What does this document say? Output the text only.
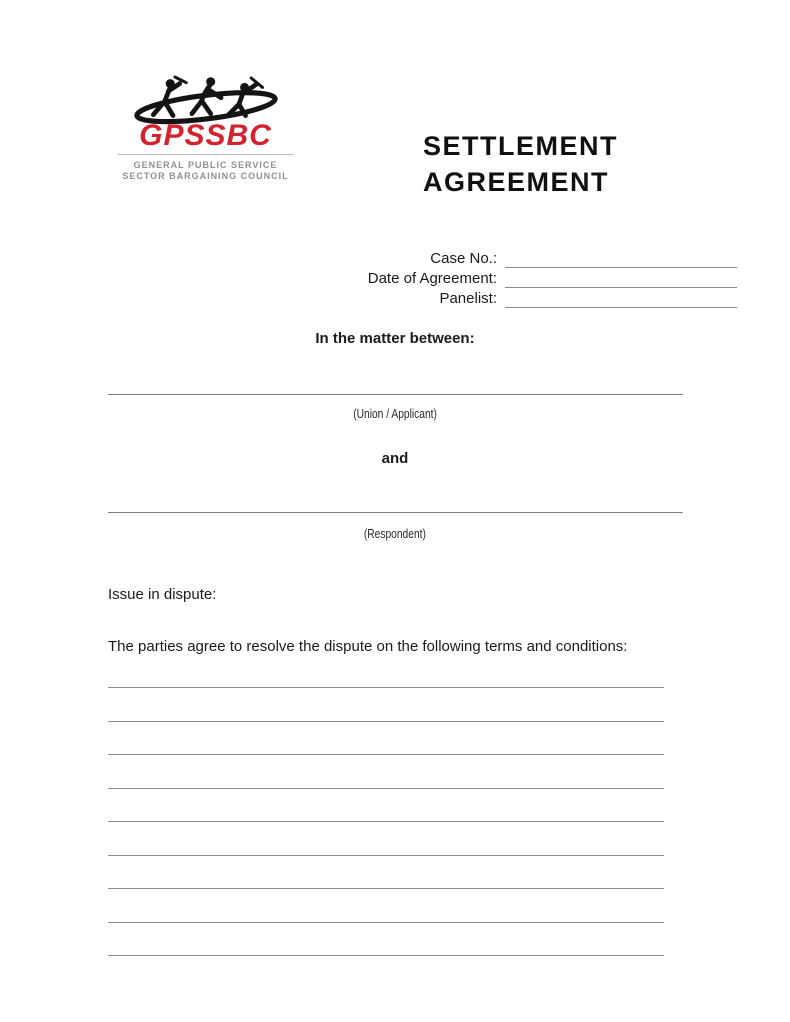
GPSSBC
GENERAL PUBLIC SERVICE
SECTOR BARGAINING COUNCIL
SETTLEMENT
AGREEMENT
Case No.:
Date of Agreement:
Panelist:
In the matter between:
(Union / Applicant)
and
(Respondent)
Issue in dispute:
The parties agree to resolve the dispute on the following terms and conditions:
